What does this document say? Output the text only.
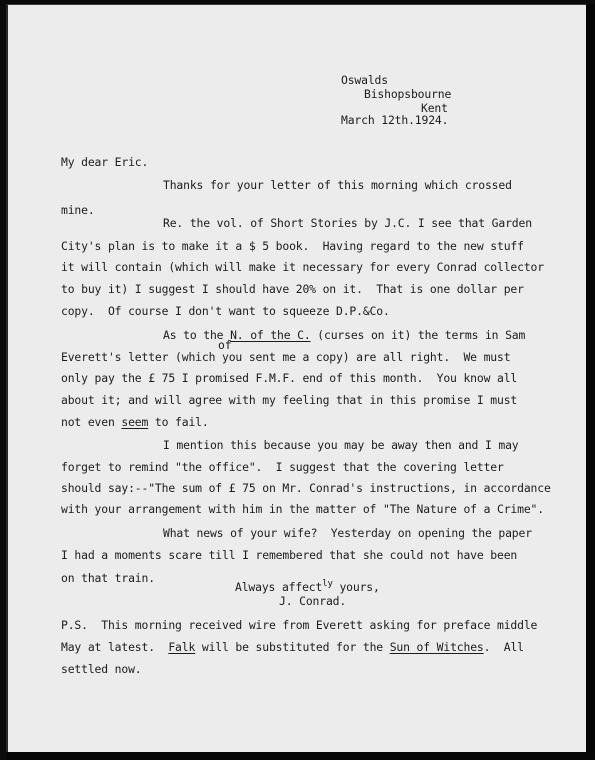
Oswalds
Bishopsbourne
Kent
March 12th.1924.
My dear Eric.
Thanks for your letter of this morning which crossed
mine.
Re. the vol. of Short Stories by J.C. I see that Garden
City's plan is to make it a $ 5 book.  Having regard to the new stuff
it will contain (which will make it necessary for every Conrad collector
to buy it) I suggest I should have 20% on it.  That is one dollar per
copy.  Of course I don't want to squeeze D.P.&Co.
As to the N. of the C. (curses on it) the terms in Sam
of
Everett's letter (which you sent me a copy) are all right.  We must
only pay the £ 75 I promised F.M.F. end of this month.  You know all
about it; and will agree with my feeling that in this promise I must
not even seem to fail.
I mention this because you may be away then and I may
forget to remind "the office".  I suggest that the covering letter
should say:--"The sum of £ 75 on Mr. Conrad's instructions, in accordance
with your arrangement with him in the matter of "The Nature of a Crime".
What news of your wife?  Yesterday on opening the paper
I had a moments scare till I remembered that she could not have been
on that train.
Always affect$^{ly}$ yours,
J. Conrad.
P.S.  This morning received wire from Everett asking for preface middle
May at latest.  Falk will be substituted for the Sun of Witches.  All
settled now.
